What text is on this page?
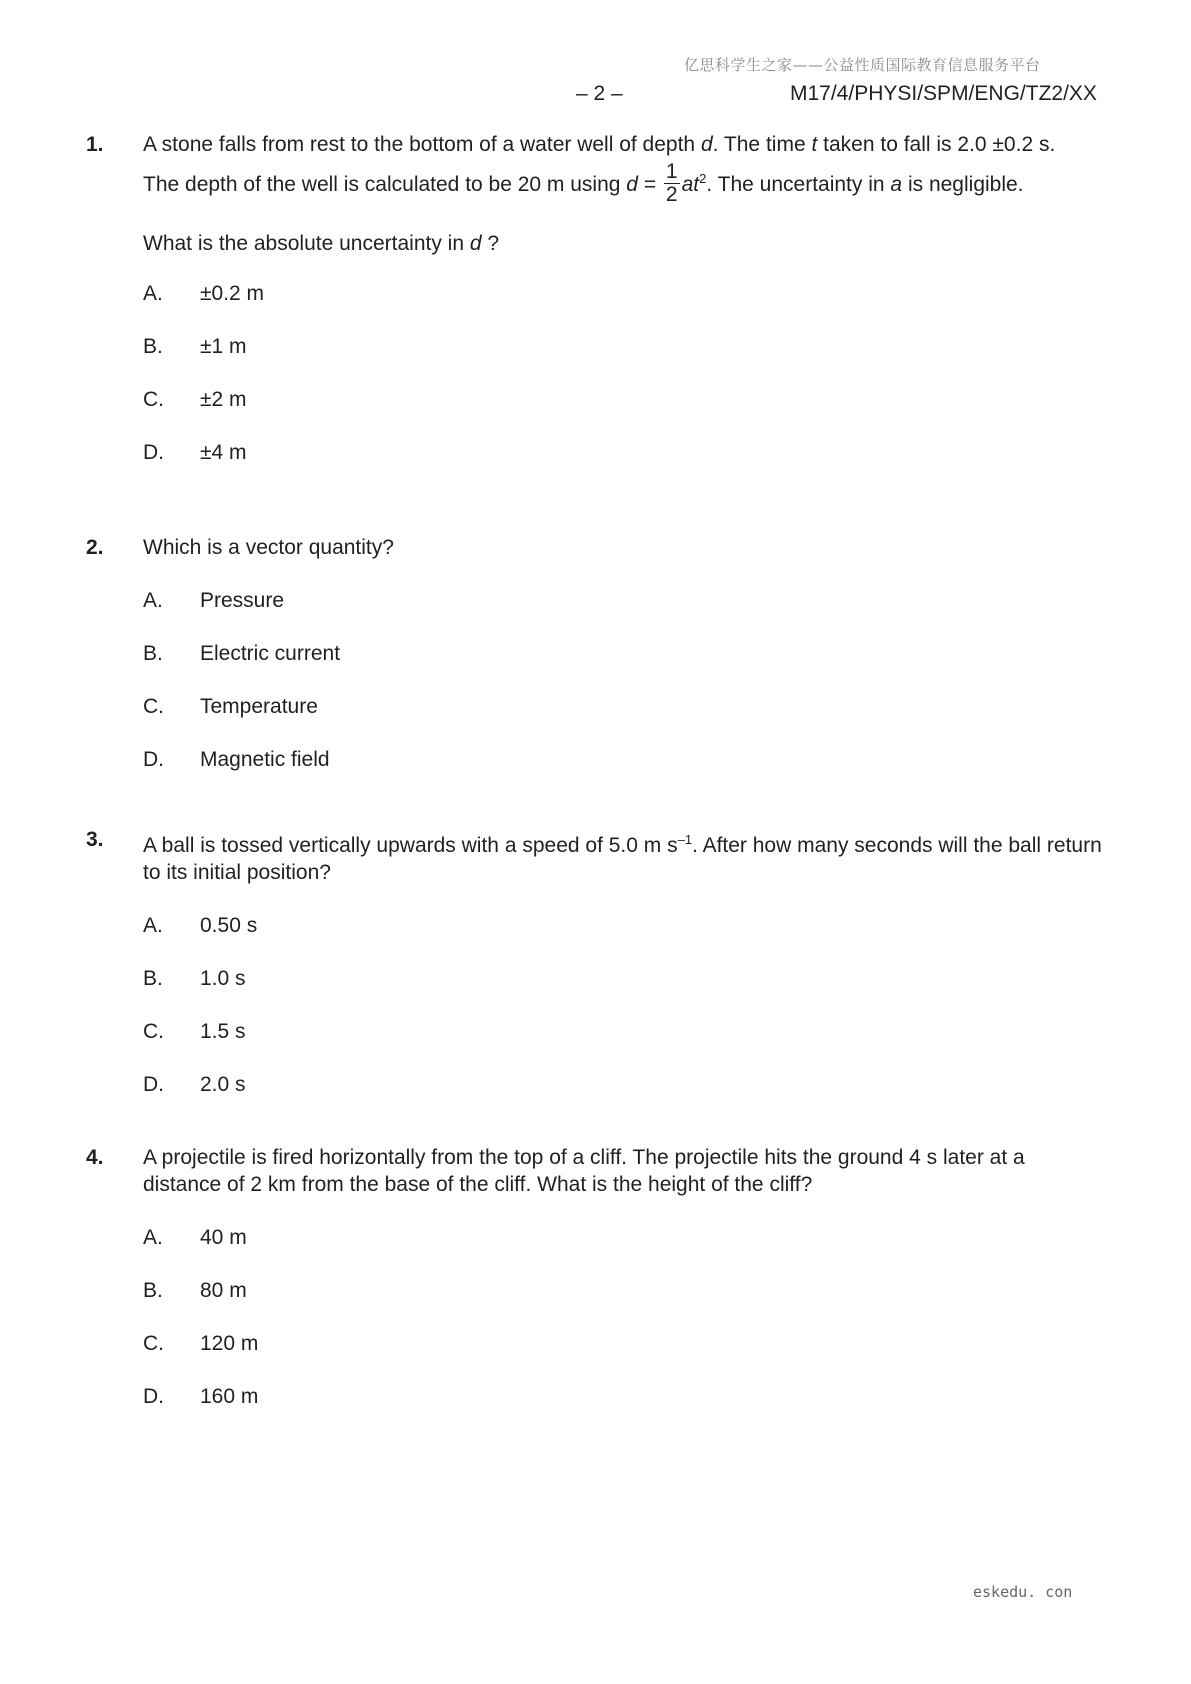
亿思科学生之家——公益性质国际教育信息服务平台
– 2 –	M17/4/PHYSI/SPM/ENG/TZ2/XX
1. A stone falls from rest to the bottom of a water well of depth d. The time t taken to fall is 2.0 ±0.2 s.

The depth of the well is calculated to be 20 m using $d = \frac{1}{2} at^2$. The uncertainty in a is negligible.

What is the absolute uncertainty in d ?

A.	±0.2 m
B.	±1 m
C.	±2 m
D.	±4 m
2. Which is a vector quantity?

A.	Pressure
B.	Electric current
C.	Temperature
D.	Magnetic field
3. A ball is tossed vertically upwards with a speed of 5.0 m $s^{-1}$. After how many seconds will the ball return to its initial position?

A.	0.50 s
B.	1.0 s
C.	1.5 s
D.	2.0 s
4. A projectile is fired horizontally from the top of a cliff. The projectile hits the ground 4 s later at a distance of 2 km from the base of the cliff. What is the height of the cliff?

A.	40 m
B.	80 m
C.	120 m
D.	160 m
eskedu. con
